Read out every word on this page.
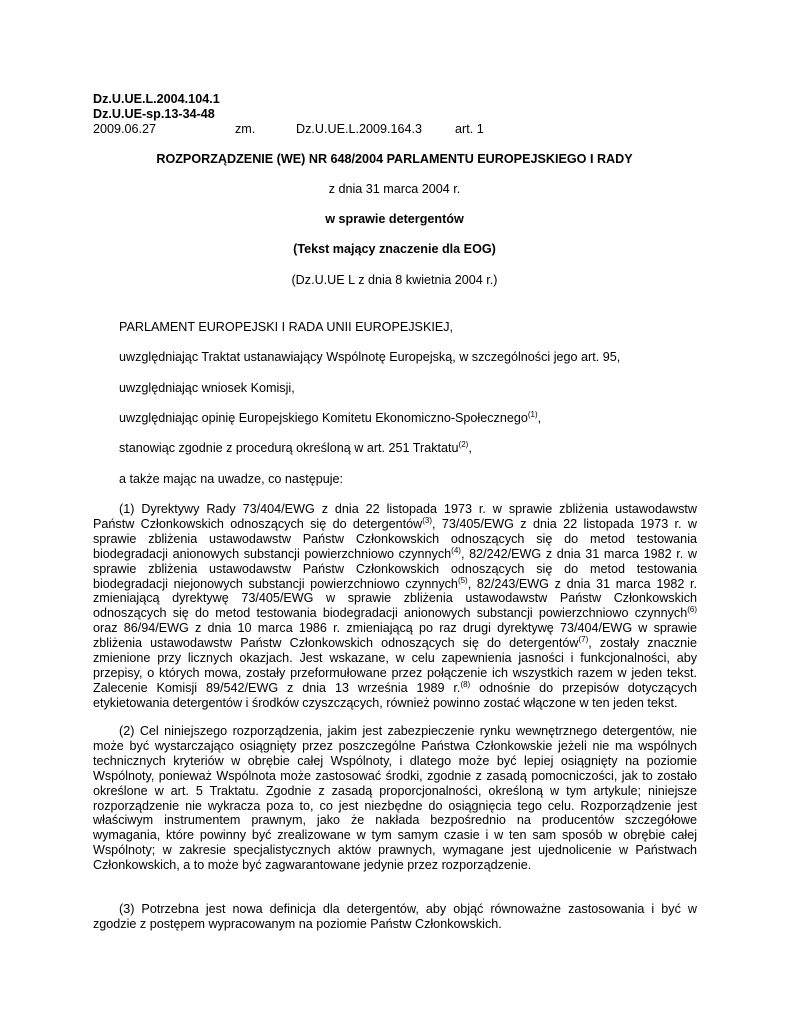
Dz.U.UE.L.2004.104.1
Dz.U.UE-sp.13-34-48
2009.06.27	zm.	Dz.U.UE.L.2009.164.3	art. 1
ROZPORZĄDZENIE (WE) NR 648/2004 PARLAMENTU EUROPEJSKIEGO I RADY
z dnia 31 marca 2004 r.
w sprawie detergentów
(Tekst mający znaczenie dla EOG)
(Dz.U.UE L z dnia 8 kwietnia 2004 r.)
PARLAMENT EUROPEJSKI I RADA UNII EUROPEJSKIEJ,
uwzględniając Traktat ustanawiający Wspólnotę Europejską, w szczególności jego art. 95,
uwzględniając wniosek Komisji,
uwzględniając opinię Europejskiego Komitetu Ekonomiczno-Społecznego$^{(1)}$,
stanowiąc zgodnie z procedurą określoną w art. 251 Traktatu$^{(2)}$,
a także mając na uwadze, co następuje:

(1) Dyrektywy Rady 73/404/EWG z dnia 22 listopada 1973 r. w sprawie zbliżenia ustawodawstw Państw Członkowskich odnoszących się do detergentów$^{(3)}$, 73/405/EWG z dnia 22 listopada 1973 r. w sprawie zbliżenia ustawodawstw Państw Członkowskich odnoszących się do metod testowania biodegradacji anionowych substancji powierzchniowo czynnych$^{(4)}$, 82/242/EWG z dnia 31 marca 1982 r. w sprawie zbliżenia ustawodawstw Państw Członkowskich odnoszących się do metod testowania biodegradacji niejonowych substancji powierzchniowo czynnych$^{(5)}$, 82/243/EWG z dnia 31 marca 1982 r. zmieniającą dyrektywę 73/405/EWG w sprawie zbliżenia ustawodawstw Państw Członkowskich odnoszących się do metod testowania biodegradacji anionowych substancji powierzchniowo czynnych$^{(6)}$ oraz 86/94/EWG z dnia 10 marca 1986 r. zmieniającą po raz drugi dyrektywę 73/404/EWG w sprawie zbliżenia ustawodawstw Państw Członkowskich odnoszących się do detergentów$^{(7)}$, zostały znacznie zmienione przy licznych okazjach. Jest wskazane, w celu zapewnienia jasności i funkcjonalności, aby przepisy, o których mowa, zostały przeformułowane przez połączenie ich wszystkich razem w jeden tekst. Zalecenie Komisji 89/542/EWG z dnia 13 września 1989 r.$^{(8)}$ odnośnie do przepisów dotyczących etykietowania detergentów i środków czyszczących, również powinno zostać włączone w ten jeden tekst.

(2) Cel niniejszego rozporządzenia, jakim jest zabezpieczenie rynku wewnętrznego detergentów, nie może być wystarczająco osiągnięty przez poszczególne Państwa Członkowskie jeżeli nie ma wspólnych technicznych kryteriów w obrębie całej Wspólnoty, i dlatego może być lepiej osiągnięty na poziomie Wspólnoty, ponieważ Wspólnota może zastosować środki, zgodnie z zasadą pomocniczości, jak to zostało określone w art. 5 Traktatu. Zgodnie z zasadą proporcjonalności, określoną w tym artykule; niniejsze rozporządzenie nie wykracza poza to, co jest niezbędne do osiągnięcia tego celu. Rozporządzenie jest właściwym instrumentem prawnym, jako że nakłada bezpośrednio na producentów szczegółowe wymagania, które powinny być zrealizowane w tym samym czasie i w ten sam sposób w obrębie całej Wspólnoty; w zakresie specjalistycznych aktów prawnych, wymagane jest ujednolicenie w Państwach Członkowskich, a to może być zagwarantowane jedynie przez rozporządzenie.

(3) Potrzebna jest nowa definicja dla detergentów, aby objąć równoważne zastosowania i być w zgodzie z postępem wypracowanym na poziomie Państw Członkowskich.
